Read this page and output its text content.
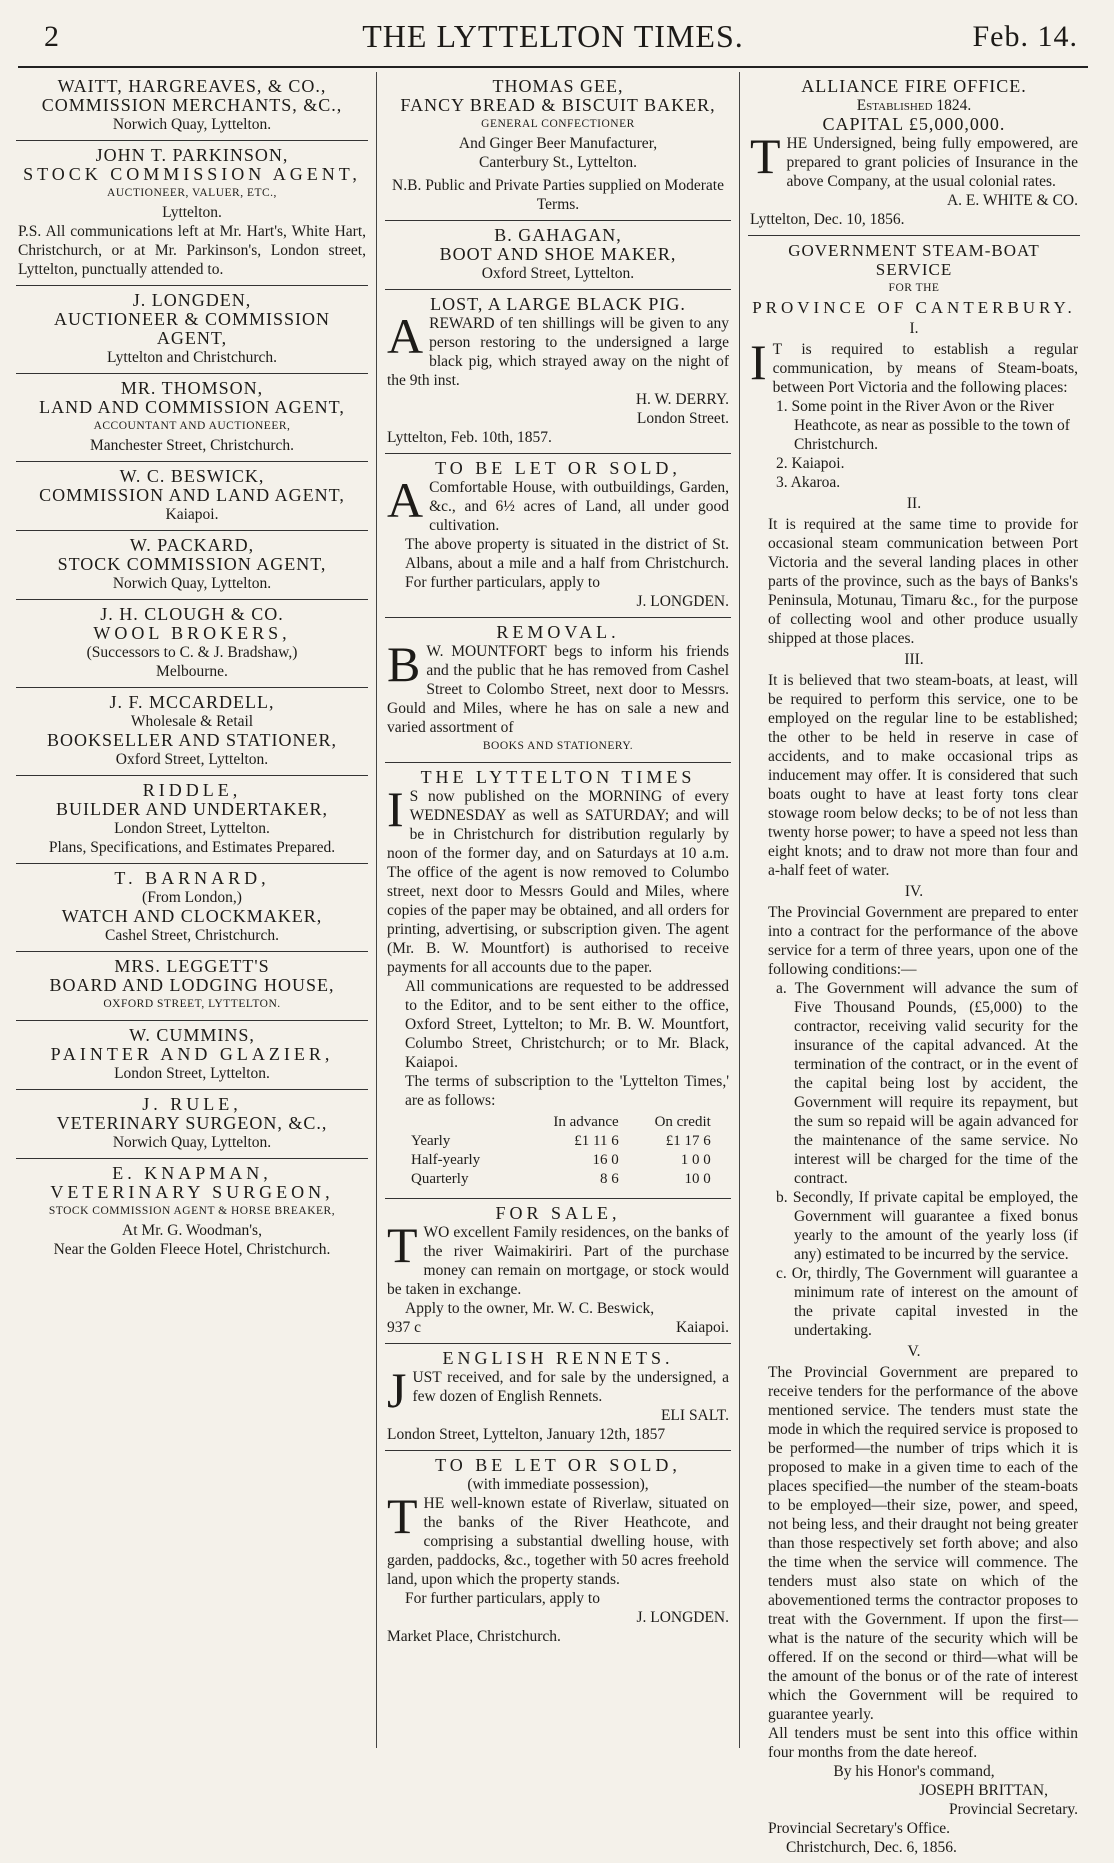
2	THE LYTTELTON TIMES.	Feb. 14.
WAITT, HARGREAVES, & CO.,
COMMISSION MERCHANTS, &C.,
Norwich Quay, Lyttelton.
JOHN T. PARKINSON,
STOCK COMMISSION AGENT,
AUCTIONEER, VALUER, ETC.,
Lyttelton.

P.S. All communications left at Mr. Hart's, White Hart, Christchurch, or at Mr. Parkinson's, London street, Lyttelton, punctually attended to.

J. LONGDEN,
AUCTIONEER & COMMISSION AGENT,
Lyttelton and Christchurch.
MR. THOMSON,
LAND AND COMMISSION AGENT,
ACCOUNTANT AND AUCTIONEER,
Manchester Street, Christchurch.
W. C. BESWICK,
COMMISSION AND LAND AGENT,
Kaiapoi.
W. PACKARD,
STOCK COMMISSION AGENT,
Norwich Quay, Lyttelton.
J. H. CLOUGH & CO.
WOOL BROKERS,
(Successors to C. & J. Bradshaw,)
Melbourne.
J. F. MCCARDELL,
Wholesale & Retail
BOOKSELLER AND STATIONER,
Oxford Street, Lyttelton.
RIDDLE,
BUILDER AND UNDERTAKER,
London Street, Lyttelton.
Plans, Specifications, and Estimates Prepared.
T. BARNARD,
(From London,)
WATCH AND CLOCKMAKER,
Cashel Street, Christchurch.
MRS. LEGGETT'S
BOARD AND LODGING HOUSE,
OXFORD STREET, LYTTELTON.
W. CUMMINS,
PAINTER AND GLAZIER,
London Street, Lyttelton.
J. RULE,
VETERINARY SURGEON, &C.,
Norwich Quay, Lyttelton.
E. KNAPMAN,
VETERINARY SURGEON,
STOCK COMMISSION AGENT & HORSE BREAKER,
At Mr. G. Woodman's,
Near the Golden Fleece Hotel, Christchurch.
THOMAS GEE,
FANCY BREAD & BISCUIT BAKER,
GENERAL CONFECTIONER
And Ginger Beer Manufacturer,
Canterbury St., Lyttelton.

N.B. Public and Private Parties supplied on Moderate Terms.

B. GAHAGAN,
BOOT AND SHOE MAKER,
Oxford Street, Lyttelton.
LOST, A LARGE BLACK PIG.

AREWARD of ten shillings will be given to any person restoring to the undersigned a large black pig, which strayed away on the night of the 9th inst.

H. W. DERRY.
London Street.
Lyttelton, Feb. 10th, 1857.
TO BE LET OR SOLD,

A Comfortable House, with outbuildings, Garden, &c., and 6½ acres of Land, all under good cultivation.

The above property is situated in the district of St. Albans, about a mile and a half from Christchurch. For further particulars, apply to

J. LONGDEN.
REMOVAL.

B W. MOUNTFORT begs to inform his friends and the public that he has removed from Cashel Street to Colombo Street, next door to Messrs. Gould and Miles, where he has on sale a new and varied assortment of

BOOKS AND STATIONERY.
THE LYTTELTON TIMES

I S now published on the MORNING of every WEDNESDAY as well as SATURDAY; and will be in Christchurch for distribution regularly by noon of the former day, and on Saturdays at 10 a.m. The office of the agent is now removed to Columbo street, next door to Messrs Gould and Miles, where copies of the paper may be obtained, and all orders for printing, advertising, or subscription given. The agent (Mr. B. W. Mountfort) is authorised to receive payments for all accounts due to the paper.

All communications are requested to be addressed to the Editor, and to be sent either to the office, Oxford Street, Lyttelton; to Mr. B. W. Mountfort, Columbo Street, Christchurch; or to Mr. Black, Kaiapoi.

The terms of subscription to the 'Lyttelton Times,' are as follows:

	In advance	On credit
Yearly	£1 11 6	£1 17 6
Half-yearly	16 0	1 0 0
Quarterly	8 6	10 0
FOR SALE,

TWO excellent Family residences, on the banks of the river Waimakiriri. Part of the purchase money can remain on mortgage, or stock would be taken in exchange.

Apply to the owner, Mr. W. C. Beswick,

937 c	Kaiapoi.
ENGLISH RENNETS.

JUST received, and for sale by the undersigned, a few dozen of English Rennets.

ELI SALT.
London Street, Lyttelton, January 12th, 1857
TO BE LET OR SOLD,
(with immediate possession),

THE well-known estate of Riverlaw, situated on the banks of the River Heathcote, and comprising a substantial dwelling house, with garden, paddocks, &c., together with 50 acres freehold land, upon which the property stands.

For further particulars, apply to

J. LONGDEN.
Market Place, Christchurch.
ALLIANCE FIRE OFFICE.
Established 1824.
CAPITAL £5,000,000.

THE Undersigned, being fully empowered, are prepared to grant policies of Insurance in the above Company, at the usual colonial rates.

A. E. WHITE & CO.
Lyttelton, Dec. 10, 1856.
GOVERNMENT STEAM-BOAT SERVICE
FOR THE
PROVINCE OF CANTERBURY.
I.

I T is required to establish a regular communication, by means of Steam-boats, between Port Victoria and the following places:

1. Some point in the River Avon or the River Heathcote, as near as possible to the town of Christchurch.

2. Kaiapoi.

3. Akaroa.

II.

It is required at the same time to provide for occasional steam communication between Port Victoria and the several landing places in other parts of the province, such as the bays of Banks's Peninsula, Motunau, Timaru &c., for the purpose of collecting wool and other produce usually shipped at those places.

III.

It is believed that two steam-boats, at least, will be required to perform this service, one to be employed on the regular line to be established; the other to be held in reserve in case of accidents, and to make occasional trips as inducement may offer. It is considered that such boats ought to have at least forty tons clear stowage room below decks; to be of not less than twenty horse power; to have a speed not less than eight knots; and to draw not more than four and a-half feet of water.

IV.

The Provincial Government are prepared to enter into a contract for the performance of the above service for a term of three years, upon one of the following conditions:—

a. The Government will advance the sum of Five Thousand Pounds, (£5,000) to the contractor, receiving valid security for the insurance of the capital advanced. At the termination of the contract, or in the event of the capital being lost by accident, the Government will require its repayment, but the sum so repaid will be again advanced for the maintenance of the same service. No interest will be charged for the time of the contract.

b. Secondly, If private capital be employed, the Government will guarantee a fixed bonus yearly to the amount of the yearly loss (if any) estimated to be incurred by the service.

c. Or, thirdly, The Government will guarantee a minimum rate of interest on the amount of the private capital invested in the undertaking.

V.

The Provincial Government are prepared to receive tenders for the performance of the above mentioned service. The tenders must state the mode in which the required service is proposed to be performed—the number of trips which it is proposed to make in a given time to each of the places specified—the number of the steam-boats to be employed—their size, power, and speed, not being less, and their draught not being greater than those respectively set forth above; and also the time when the service will commence. The tenders must also state on which of the abovementioned terms the contractor proposes to treat with the Government. If upon the first—what is the nature of the security which will be offered. If on the second or third—what will be the amount of the bonus or of the rate of interest which the Government will be required to guarantee yearly.

All tenders must be sent into this office within four months from the date hereof.

By his Honor's command,
JOSEPH BRITTAN,
Provincial Secretary.
Provincial Secretary's Office.
Christchurch, Dec. 6, 1856.
